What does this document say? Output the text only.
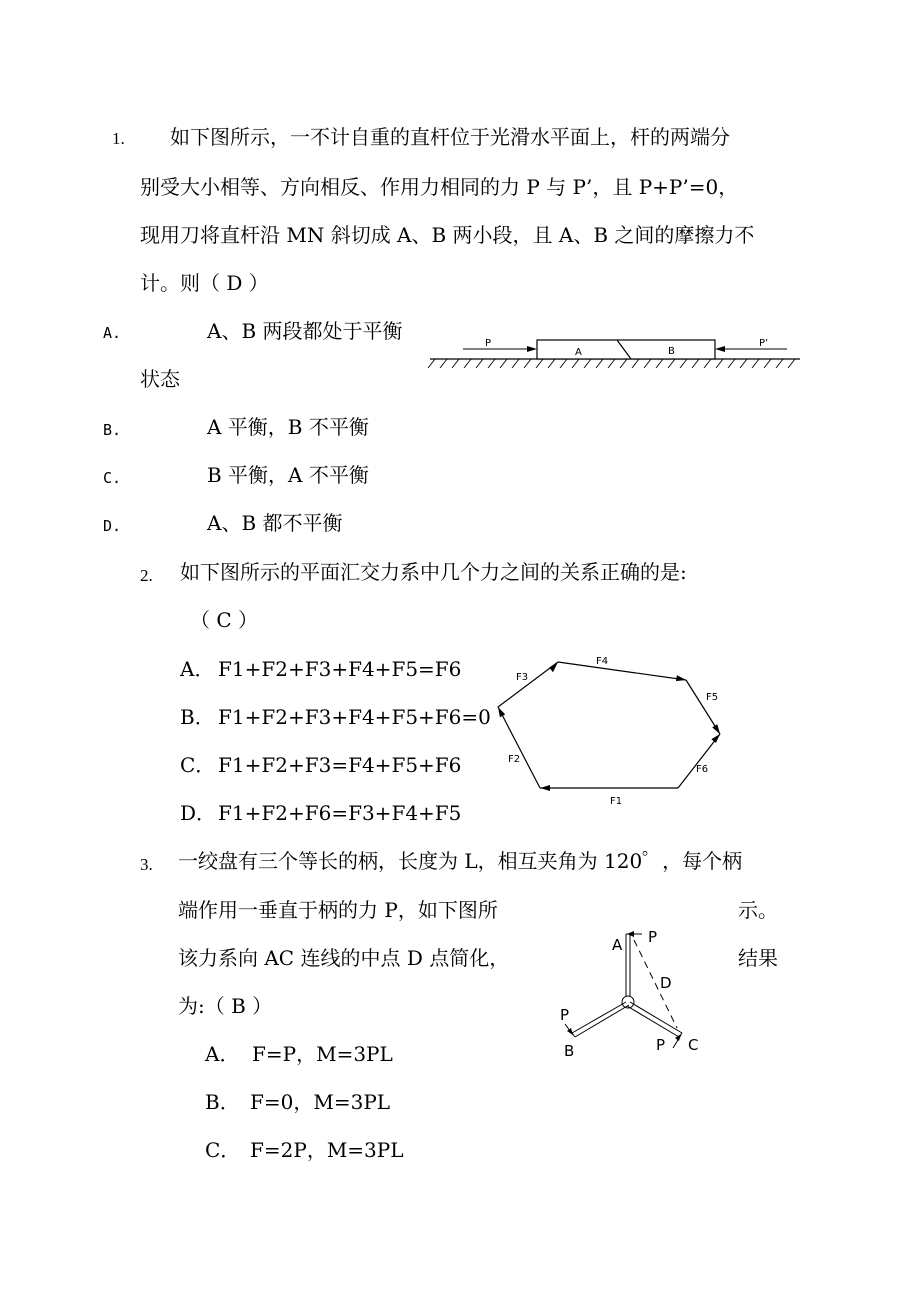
1. 如下图所示，一不计自重的直杆位于光滑水平面上，杆的两端分
别受大小相等、方向相反、作用力相同的力 P 与 P’，且 P+P’=0，
现用刀将直杆沿 MN 斜切成 A、B 两小段，且 A、B 之间的摩擦力不
计。则（ D ）
A.	A、B 两段都处于平衡
状态
B.	A 平衡，B 不平衡
C.	B 平衡，A 不平衡
D.	A、B 都不平衡
P
A	B
P’
2. 如下图所示的平面汇交力系中几个力之间的关系正确的是:
（ C ）
A． F1+F2+F3+F4+F5=F6
B． F1+F2+F3+F4+F5+F6=0
C． F1+F2+F3=F4+F5+F6
D． F1+F2+F6=F3+F4+F5	F1
F2
F3
F4
F5
F6
3. 一绞盘有三个等长的柄，长度为 L，相互夹角为 120゜，每个柄
端作用一垂直于柄的力 P，如下图所	示。
该力系向 AC 连线的中点 D 点简化，	结果
为:（ B ）
A． F=P，M=3PL
B． F=0，M=3PL
C． F=2P，M=3PL
A P
D
P
B	P C
